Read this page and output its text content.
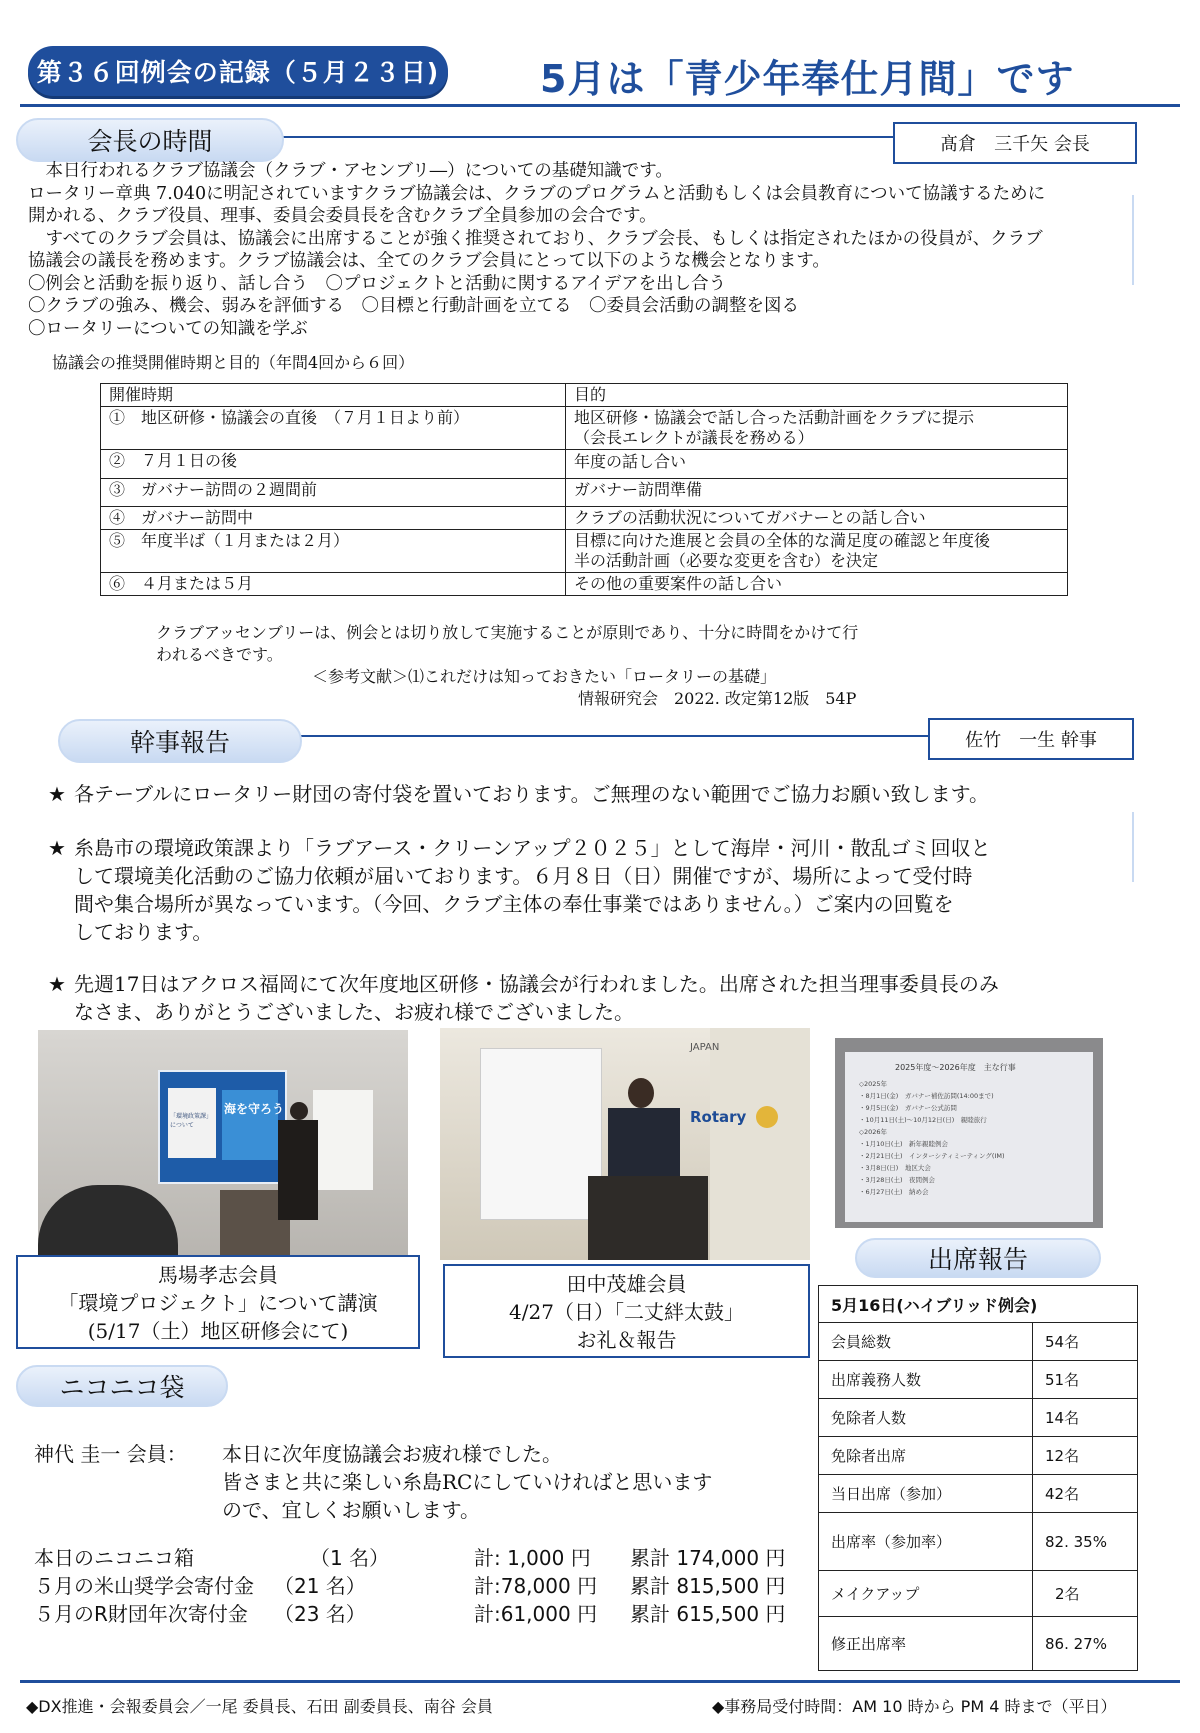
第３６回例会の記録（５月２３日)	5月は「青少年奉仕月間」です
会長の時間	髙倉　三千矢 会長
　本日行われるクラブ協議会（クラブ・アセンブリ―）についての基礎知識です。
ロータリー章典 7.040に明記されていますクラブ協議会は、クラブのプログラムと活動もしくは会員教育について協議するために
開かれる、クラブ役員、理事、委員会委員長を含むクラブ全員参加の会合です。
　すべてのクラブ会員は、協議会に出席することが強く推奨されており、クラブ会長、もしくは指定されたほかの役員が、クラブ
協議会の議長を務めます。クラブ協議会は、全てのクラブ会員にとって以下のような機会となります。
〇例会と活動を振り返り、話し合う　〇プロジェクトと活動に関するアイデアを出し合う
〇クラブの強み、機会、弱みを評価する　〇目標と行動計画を立てる　〇委員会活動の調整を図る
〇ロータリーについての知識を学ぶ
協議会の推奨開催時期と目的（年間4回から６回）
開催時期	目的
①　地区研修・協議会の直後　（７月１日より前）	地区研修・協議会で話し合った活動計画をクラブに提示
（会長エレクトが議長を務める）

②　７月１日の後	年度の話し合い
③　ガバナー訪問の２週間前	ガバナー訪問準備
④　ガバナー訪問中	クラブの活動状況についてガバナーとの話し合い
⑤　年度半ば（１月または２月）	目標に向けた進展と会員の全体的な満足度の確認と年度後
半の活動計画（必要な変更を含む）を決定

⑥　４月または５月	その他の重要案件の話し合い
クラブアッセンブリーは、例会とは切り放して実施することが原則であり、十分に時間をかけて行
われるべきです。
＜参考文献＞⑴これだけは知っておきたい「ロータリーの基礎」
情報研究会　2022. 改定第12版　54P
幹事報告	佐竹　一生 幹事
★ 各テーブルにロータリー財団の寄付袋を置いております。ご無理のない範囲でご協力お願い致します。
★ 糸島市の環境政策課より「ラブアース・クリーンアップ２０２５」として海岸・河川・散乱ゴミ回収と
して環境美化活動のご協力依頼が届いております。６月８日（日）開催ですが、場所によって受付時
間や集合場所が異なっています。（今回、クラブ主体の奉仕事業ではありません。）ご案内の回覧を
しております。
★ 先週17日はアクロス福岡にて次年度地区研修・協議会が行われました。出席された担当理事委員長のみ
なさま、ありがとうございました、お疲れ様でございました。
海を守ろう
「環境政策課」について	Rotary
JAPAN
2025年度～2026年度　主な行事
◇2025年
・8月1日(金)　ガバナー補佐訪問(14:00まで)
・9月5日(金)　ガバナー公式訪問
・10月11日(土)～10月12日(日)　親睦旅行
◇2026年
・1月10日(土)　新年親睦例会
・2月21日(土)　インターシティミーティング(IM)
・3月8日(日)　地区大会
・3月28日(土)　夜間例会
・6月27日(土)　納め会
馬場孝志会員
「環境プロジェクト」について講演
(5/17（土）地区研修会にて)
田中茂雄会員
4/27（日）「二丈絆太鼓」
お礼＆報告
出席報告
5月16日(ハイブリッド例会)	
会員総数	54名
出席義務人数	51名
免除者人数	14名
免除者出席	12名
当日出席（参加）	42名
出席率（参加率）	82. 35%
メイクアップ	2名
修正出席率	86. 27%
ニコニコ袋
神代 圭一 会員： 本日に次年度協議会お疲れ様でした。
皆さまと共に楽しい糸島RCにしていければと思います
ので、宜しくお願いします。
本日のニコニコ箱	（1 名）	計: 1,000 円 累計 174,000 円
５月の米山奨学会寄付金 （21 名）	計:78,000 円 累計 815,500 円
５月のR財団年次寄付金 （23 名）	計:61,000 円 累計 615,500 円
◆DX推進・会報委員会／一尾 委員長、石田 副委員長、南谷 会員	◆事務局受付時間：AM 10 時から PM 4 時まで（平日）
